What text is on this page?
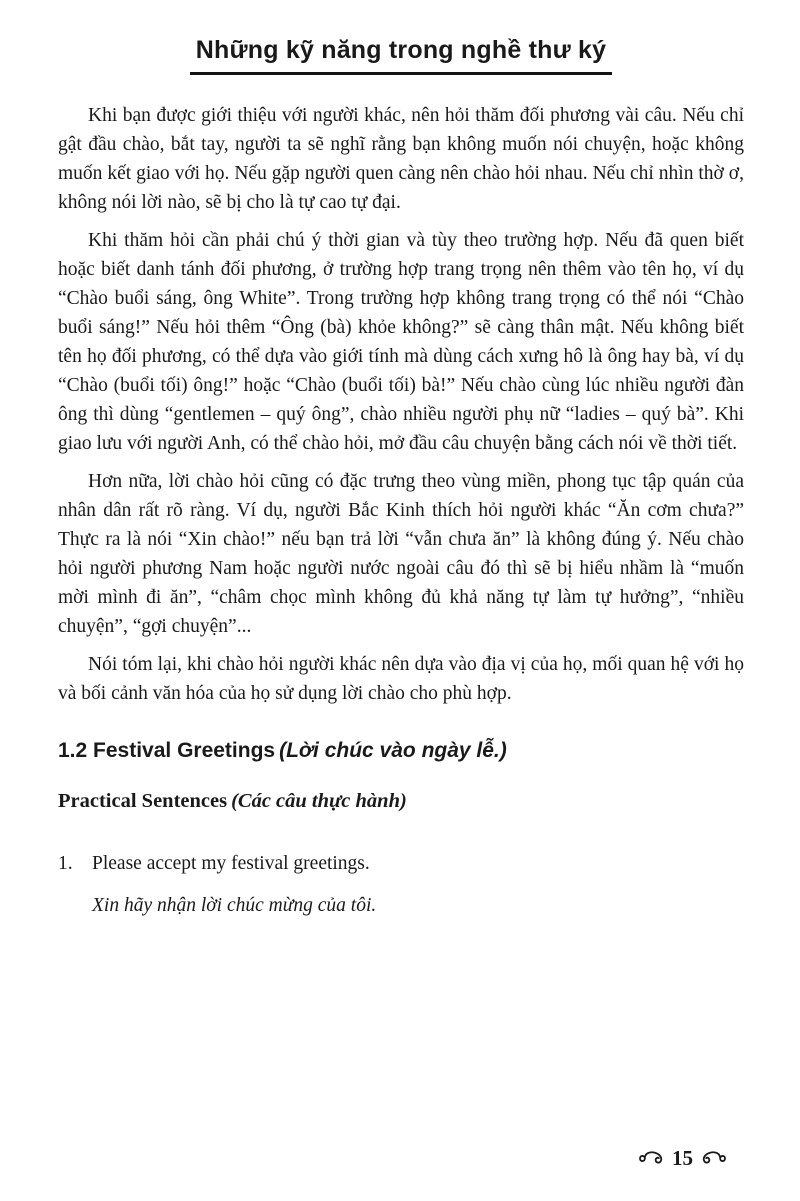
Những kỹ năng trong nghề thư ký

Khi bạn được giới thiệu với người khác, nên hỏi thăm đối phương vài câu. Nếu chỉ gật đầu chào, bắt tay, người ta sẽ nghĩ rằng bạn không muốn nói chuyện, hoặc không muốn kết giao với họ. Nếu gặp người quen càng nên chào hỏi nhau. Nếu chỉ nhìn thờ ơ, không nói lời nào, sẽ bị cho là tự cao tự đại.

Khi thăm hỏi cần phải chú ý thời gian và tùy theo trường hợp. Nếu đã quen biết hoặc biết danh tánh đối phương, ở trường hợp trang trọng nên thêm vào tên họ, ví dụ “Chào buổi sáng, ông White”. Trong trường hợp không trang trọng có thể nói “Chào buổi sáng!” Nếu hỏi thêm “Ông (bà) khỏe không?” sẽ càng thân mật. Nếu không biết tên họ đối phương, có thể dựa vào giới tính mà dùng cách xưng hô là ông hay bà, ví dụ “Chào (buổi tối) ông!” hoặc “Chào (buổi tối) bà!” Nếu chào cùng lúc nhiều người đàn ông thì dùng “gentlemen – quý ông”, chào nhiều người phụ nữ “ladies – quý bà”. Khi giao lưu với người Anh, có thể chào hỏi, mở đầu câu chuyện bằng cách nói về thời tiết.

Hơn nữa, lời chào hỏi cũng có đặc trưng theo vùng miền, phong tục tập quán của nhân dân rất rõ ràng. Ví dụ, người Bắc Kinh thích hỏi người khác “Ăn cơm chưa?” Thực ra là nói “Xin chào!” nếu bạn trả lời “vẫn chưa ăn” là không đúng ý. Nếu chào hỏi người phương Nam hoặc người nước ngoài câu đó thì sẽ bị hiểu nhầm là “muốn mời mình đi ăn”, “châm chọc mình không đủ khả năng tự làm tự hưởng”, “nhiều chuyện”, “gợi chuyện”...

Nói tóm lại, khi chào hỏi người khác nên dựa vào địa vị của họ, mối quan hệ với họ và bối cảnh văn hóa của họ sử dụng lời chào cho phù hợp.

1.2 Festival Greetings (Lời chúc vào ngày lễ.)
Practical Sentences (Các câu thực hành)
1. Please accept my festival greetings.
Xin hãy nhận lời chúc mừng của tôi.
15
